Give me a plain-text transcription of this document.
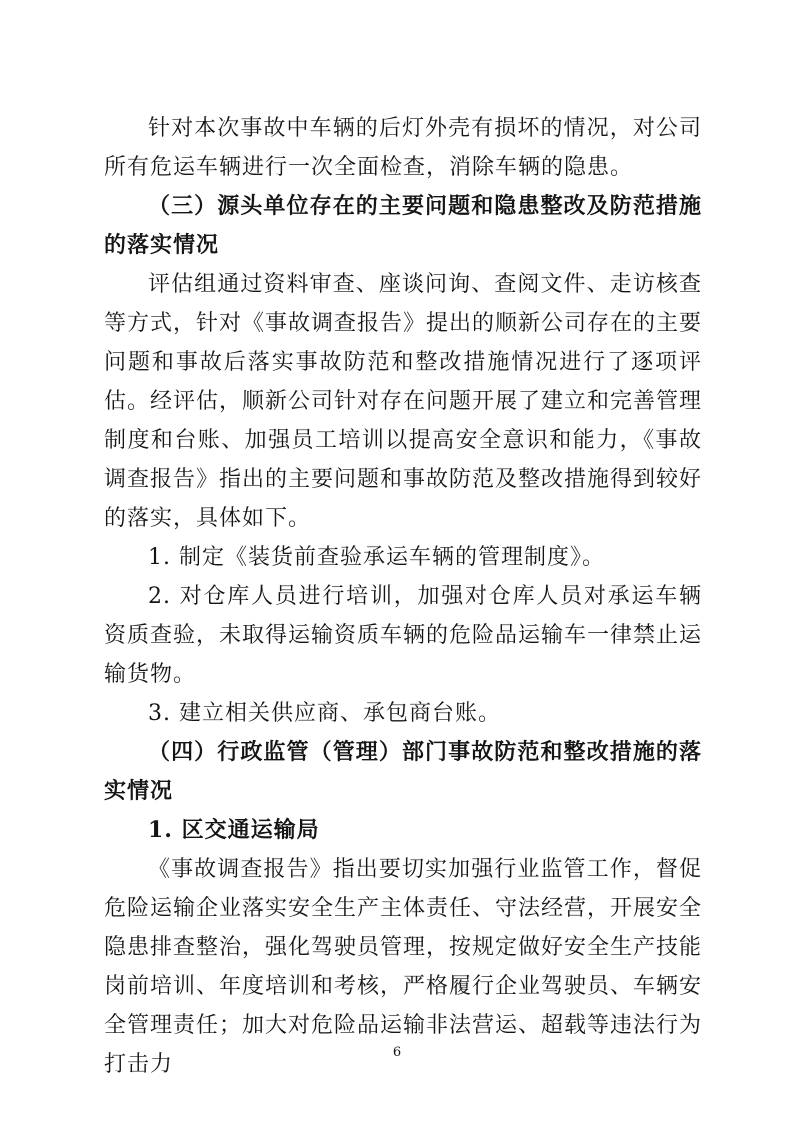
针对本次事故中车辆的后灯外壳有损坏的情况，对公司所有危运车辆进行一次全面检查，消除车辆的隐患。

（三）源头单位存在的主要问题和隐患整改及防范措施的落实情况

评估组通过资料审查、座谈问询、查阅文件、走访核查等方式，针对《事故调查报告》提出的顺新公司存在的主要问题和事故后落实事故防范和整改措施情况进行了逐项评估。经评估，顺新公司针对存在问题开展了建立和完善管理制度和台账、加强员工培训以提高安全意识和能力，《事故调查报告》指出的主要问题和事故防范及整改措施得到较好的落实，具体如下。

1. 制定《装货前查验承运车辆的管理制度》。

2. 对仓库人员进行培训，加强对仓库人员对承运车辆资质查验，未取得运输资质车辆的危险品运输车一律禁止运输货物。

3. 建立相关供应商、承包商台账。

（四）行政监管（管理）部门事故防范和整改措施的落实情况

1. 区交通运输局

《事故调查报告》指出要切实加强行业监管工作，督促危险运输企业落实安全生产主体责任、守法经营，开展安全隐患排查整治，强化驾驶员管理，按规定做好安全生产技能岗前培训、年度培训和考核，严格履行企业驾驶员、车辆安全管理责任；加大对危险品运输非法营运、超载等违法行为打击力	6
